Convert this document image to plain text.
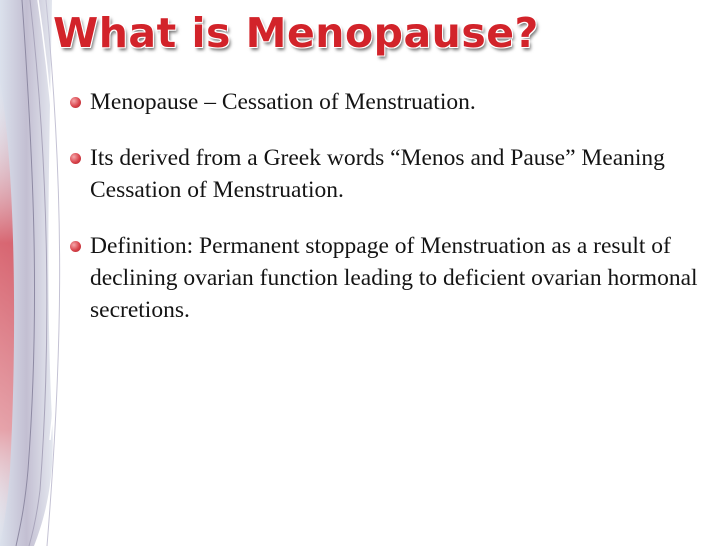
What is Menopause?
Menopause – Cessation of Menstruation.
Its derived from a Greek words “Menos and Pause” Meaning Cessation of Menstruation.
Definition: Permanent stoppage of Menstruation as a result of declining ovarian function leading to deficient ovarian hormonal secretions.
